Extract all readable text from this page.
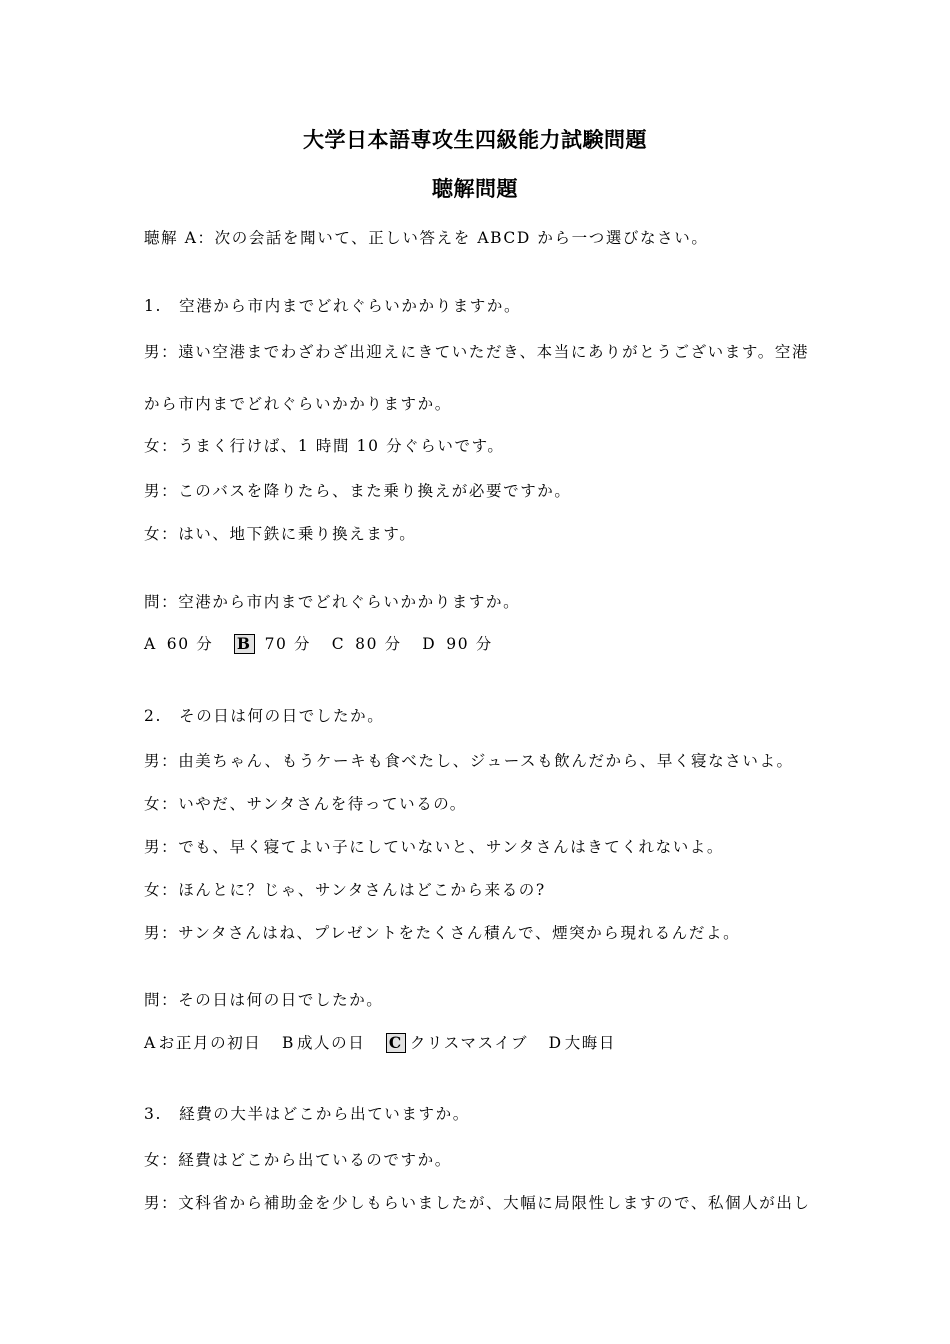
大学日本語専攻生四級能力試験問題
聴解問題
聴解 A：次の会話を聞いて、正しい答えを ABCD から一つ選びなさい。
1.　空港から市内までどれぐらいかかりますか。
男：遠い空港までわざわざ出迎えにきていただき、本当にありがとうございます。空港
から市内までどれぐらいかかりますか。
女：うまく行けば、1 時間 10 分ぐらいです。
男：このバスを降りたら、また乗り換えが必要ですか。
女：はい、地下鉄に乗り換えます。
問：空港から市内までどれぐらいかかりますか。
A 60 分 B 70 分 C 80 分 D 90 分
2.　その日は何の日でしたか。
男：由美ちゃん、もうケーキも食べたし、ジュースも飲んだから、早く寝なさいよ。
女：いやだ、サンタさんを待っているの。
男：でも、早く寝てよい子にしていないと、サンタさんはきてくれないよ。
女：ほんとに？じゃ、サンタさんはどこから来るの?
男：サンタさんはね、プレゼントをたくさん積んで、煙突から現れるんだよ。
問：その日は何の日でしたか。
A お正月の初日 B 成人の日 C クリスマスイブ D 大晦日
3.　経費の大半はどこから出ていますか。
女：経費はどこから出ているのですか。
男：文科省から補助金を少しもらいましたが、大幅に局限性しますので、私個人が出し
